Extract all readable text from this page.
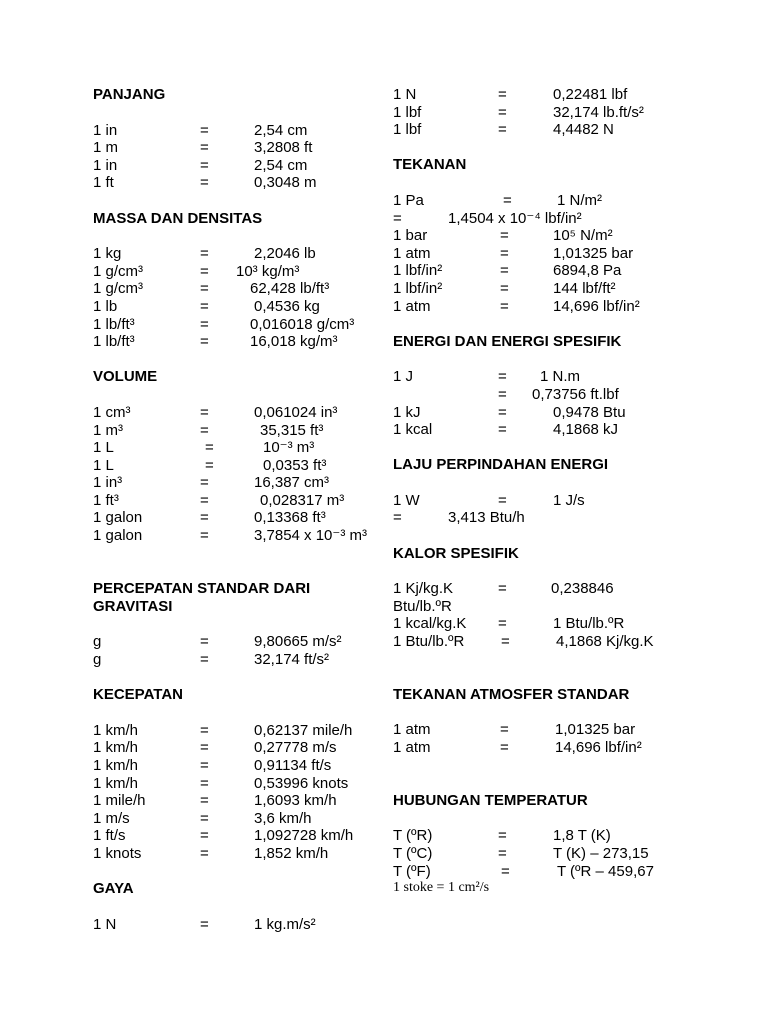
PANJANG
1 in	=	2,54 cm
1 m	=	3,2808 ft
1 in	=	2,54 cm
1 ft	=	0,3048 m
MASSA DAN DENSITAS
1 kg	=	2,2046 lb
1 g/cm³	= 10³ kg/m³
1 g/cm³	=	62,428 lb/ft³
1 lb	=	0,4536 kg
1 lb/ft³	=	0,016018 g/cm³
1 lb/ft³	=	16,018 kg/m³
VOLUME
1 cm³	=	0,061024 in³
1 m³	=	35,315 ft³
1 L	=	10⁻³ m³
1 L	=	0,0353 ft³
1 in³	=	16,387 cm³
1 ft³	=	0,028317 m³
1 galon	=	0,13368 ft³
1 galon	=	3,7854 x 10⁻³ m³
PERCEPATAN STANDAR DARI
GRAVITASI
g	=	9,80665 m/s²
g	=	32,174 ft/s²
KECEPATAN
1 km/h	=	0,62137 mile/h
1 km/h	=	0,27778 m/s
1 km/h	=	0,91134 ft/s
1 km/h	=	0,53996 knots
1 mile/h	=	1,6093 km/h
1 m/s	=	3,6 km/h
1 ft/s	=	1,092728 km/h
1 knots	=	1,852 km/h
GAYA
1 N	=	1 kg.m/s²
1 N	=	0,22481 lbf
1 lbf	=	32,174 lb.ft/s²
1 lbf	=	4,4482 N
TEKANAN
1 Pa	=	1 N/m²
=	1,4504 x 10⁻⁴ lbf/in²
1 bar	=	10⁵ N/m²
1 atm	=	1,01325 bar
1 lbf/in²	=	6894,8 Pa
1 lbf/in²	=	144 lbf/ft²
1 atm	=	14,696 lbf/in²
ENERGI DAN ENERGI SPESIFIK
1 J	= 1 N.m
= 0,73756 ft.lbf
1 kJ	=	0,9478 Btu
1 kcal	=	4,1868 kJ
LAJU PERPINDAHAN ENERGI
1 W	=	1 J/s
=	3,413 Btu/h
KALOR SPESIFIK
1 Kj/kg.K	=	0,238846
Btu/lb.ºR
1 kcal/kg.K =	1 Btu/lb.ºR
1 Btu/lb.ºR =	4,1868 Kj/kg.K
TEKANAN ATMOSFER STANDAR
1 atm	=	1,01325 bar
1 atm	=	14,696 lbf/in²
HUBUNGAN TEMPERATUR
T (ºR)	=	1,8 T (K)
T (ºC)	=	T (K) – 273,15
T (ºF)	=	T (ºR – 459,67
1 stoke = 1 cm²/s
